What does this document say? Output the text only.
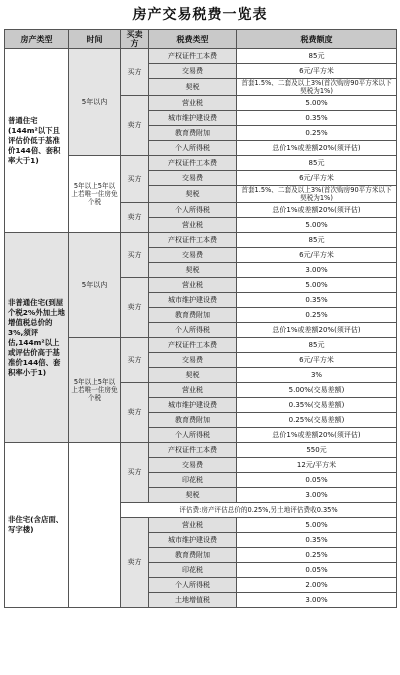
房产交易税费一览表
房产类型	时间	买卖方	税费类型	税费额度
普通住宅(144m²以下且评估价低于基准价144倍、套积率大于1)	5年以内	买方	产权证件工本费	85元
			交易费	6元/平方米
			契税	首套1.5%、二套及以上3%(首次购房90平方米以下契税为1%)
		卖方	营业税	5.00%
			城市维护建设费	0.35%
			教育费附加	0.25%
			个人所得税	总价1%或差额20%(须评估)
	5年以上5年以上若唯一住房免个税	买方	产权证件工本费	85元
			交易费	6元/平方米
			契税	首套1.5%、二套及以上3%(首次购房90平方米以下契税为1%)
		卖方	个人所得税	总价1%或差额20%(须评估)
			营业税	5.00%
非普通住宅(到屋个税2%外加土地增值税总价的3%,须评估,144m²以上或评估价高于基准价144倍、套积率小于1)	5年以内	买方	产权证件工本费	85元
			交易费	6元/平方米
			契税	3.00%
		卖方	营业税	5.00%
			城市维护建设费	0.35%
			教育费附加	0.25%
			个人所得税	总价1%或差额20%(须评估)
	5年以上5年以上若唯一住房免个税	买方	产权证件工本费	85元
			交易费	6元/平方米
			契税	3%
		卖方	营业税	5.00%(交易差额)
			城市维护建设费	0.35%(交易差额)
			教育费附加	0.25%(交易差额)
			个人所得税	总价1%或差额20%(须评估)
非住宅(含店面、写字楼)		买方	产权证件工本费	550元
			交易费	12元/平方米
			印花税	0.05%
			契税	3.00%
		评估费:房产评估总价的0.25%,另土地评估费收0.35%		
		卖方	营业税	5.00%
			城市维护建设费	0.35%
			教育费附加	0.25%
			印花税	0.05%
			个人所得税	2.00%
			土地增值税	3.00%
